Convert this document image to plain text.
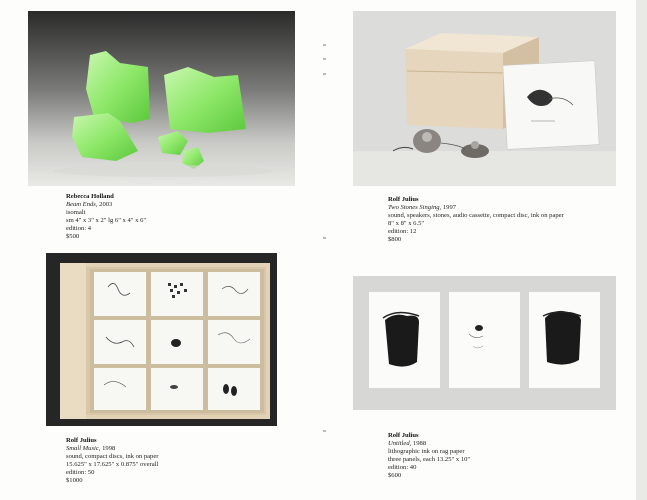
Rebecca Holland
Beam Ends, 2003
isomalt
sm 4" x 3" x 2" lg 6" x 4" x 6"
edition: 4
$500
Rolf Julius
Two Stones Singing, 1997
sound, speakers, stones, audio cassette, compact disc, ink on paper
8" x 8" x 6.5"
edition: 12
$800
Rolf Julius
Small Music, 1998
sound, compact discs, ink on paper
15.625" x 17.625" x 0.875" overall
edition: 50
$1000
Rolf Julius
Untitled, 1988
lithographic ink on rag paper
three panels, each 13.25" x 10"
edition: 40
$600
